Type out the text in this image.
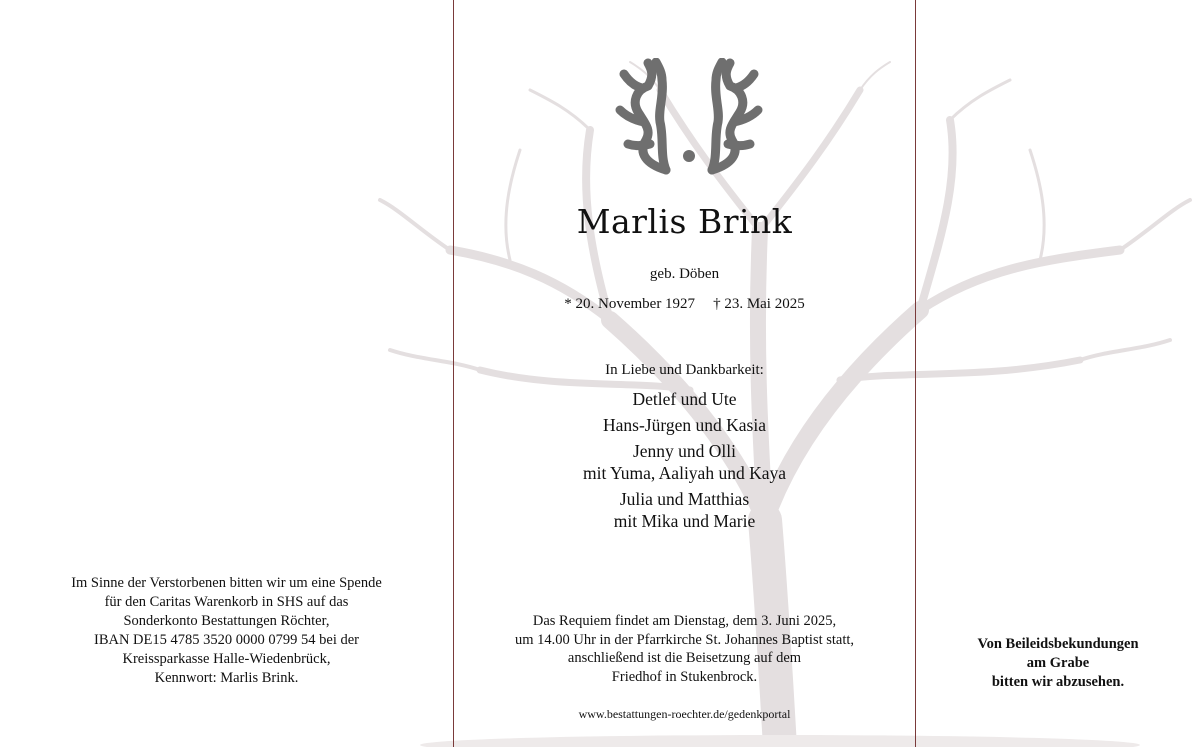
Marlis Brink
geb. Döben
* 20. November 1927 † 23. Mai 2025
In Liebe und Dankbarkeit:
Detlef und Ute
Hans-Jürgen und Kasia
Jenny und Olli
mit Yuma, Aaliyah und Kaya
Julia und Matthias
mit Mika und Marie
Das Requiem findet am Dienstag, dem 3. Juni 2025,
um 14.00 Uhr in der Pfarrkirche St. Johannes Baptist statt,
anschließend ist die Beisetzung auf dem
Friedhof in Stukenbrock.
www.bestattungen-roechter.de/gedenkportal
Im Sinne der Verstorbenen bitten wir um eine Spende
für den Caritas Warenkorb in SHS auf das
Sonderkonto Bestattungen Röchter,
IBAN DE15 4785 3520 0000 0799 54 bei der
Kreissparkasse Halle-Wiedenbrück,
Kennwort: Marlis Brink.
Von Beileidsbekundungen
am Grabe
bitten wir abzusehen.
